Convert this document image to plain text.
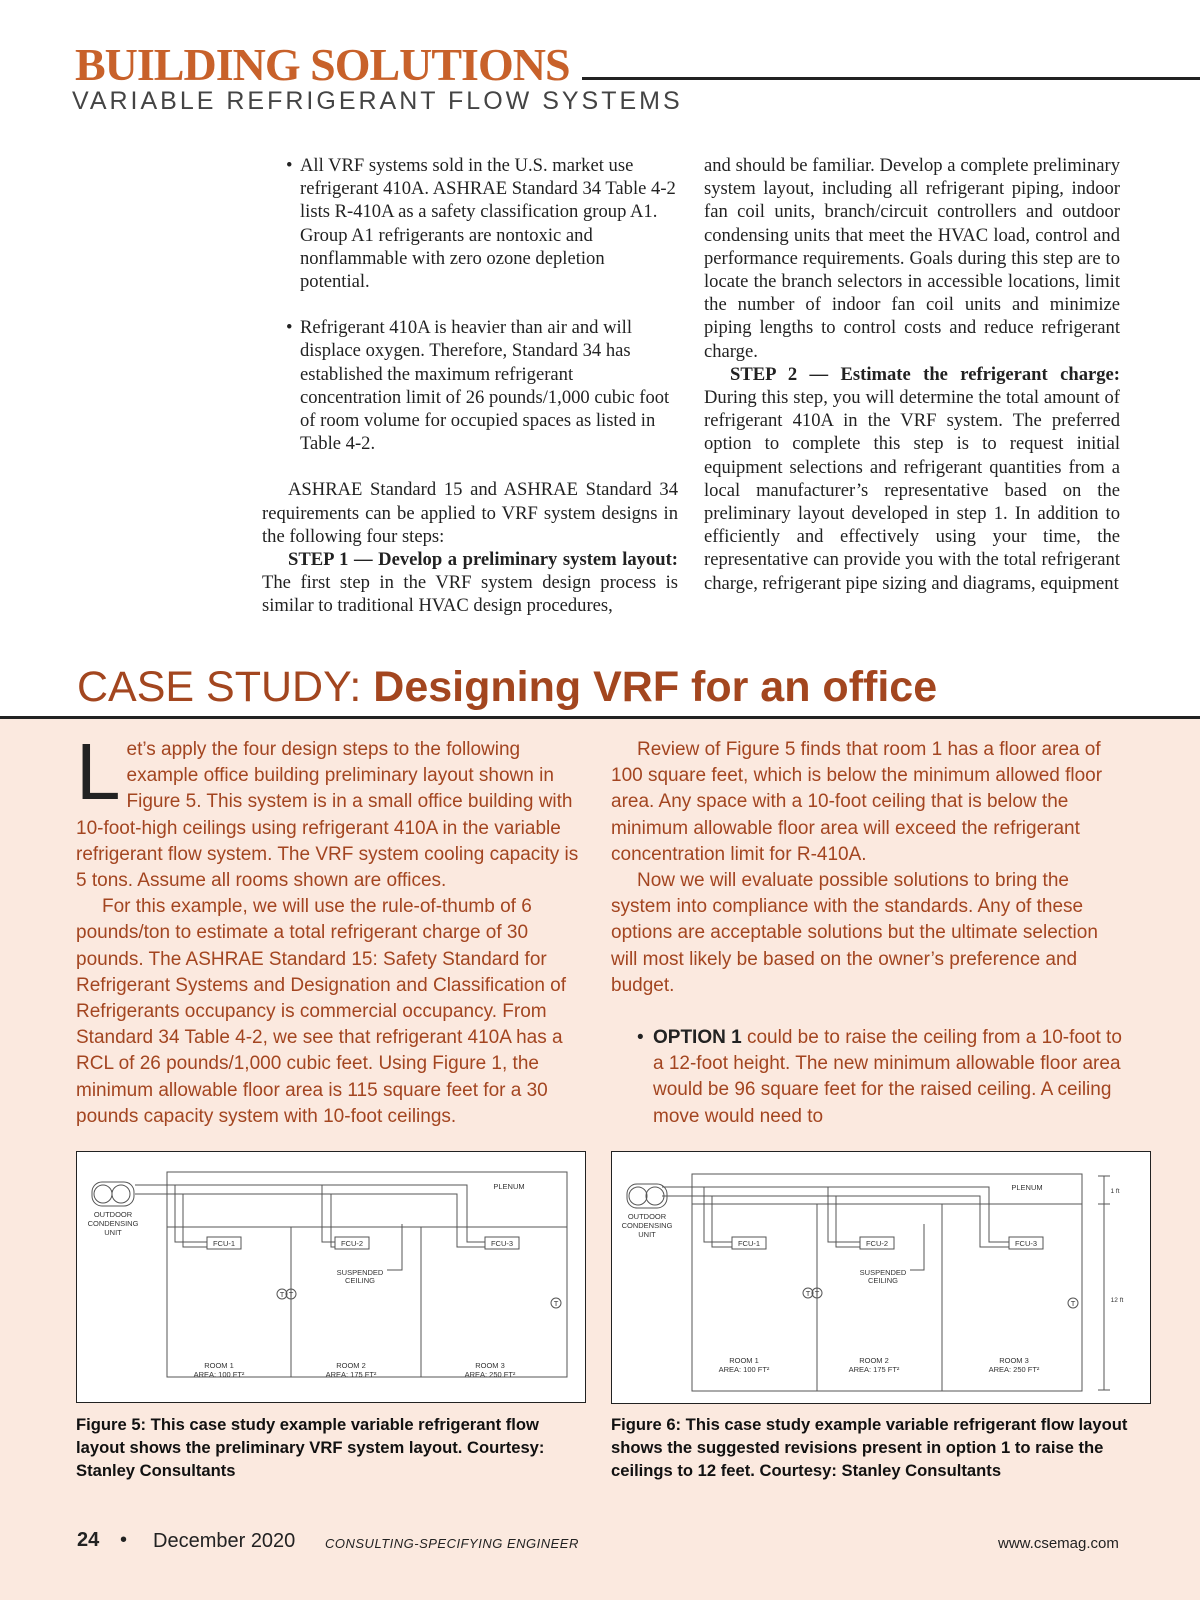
BUILDING SOLUTIONS
VARIABLE REFRIGERANT FLOW SYSTEMS
• All VRF systems sold in the U.S. market use refrigerant 410A. ASHRAE Standard 34 Table 4-2 lists R-410A as a safety classification group A1. Group A1 refrigerants are nontoxic and nonflammable with zero ozone depletion potential.
• Refrigerant 410A is heavier than air and will displace oxygen. Therefore, Standard 34 has established the maximum refrigerant concentration limit of 26 pounds/1,000 cubic foot of room volume for occupied spaces as listed in Table 4-2.
ASHRAE Standard 15 and ASHRAE Standard 34 requirements can be applied to VRF system designs in the following four steps:
STEP 1 — Develop a preliminary system layout: The first step in the VRF system design process is similar to traditional HVAC design procedures,
and should be familiar. Develop a complete preliminary system layout, including all refrigerant piping, indoor fan coil units, branch/circuit controllers and outdoor condensing units that meet the HVAC load, control and performance requirements. Goals during this step are to locate the branch selectors in accessible locations, limit the number of indoor fan coil units and minimize piping lengths to control costs and reduce refrigerant charge.
STEP 2 — Estimate the refrigerant charge: During this step, you will determine the total amount of refrigerant 410A in the VRF system. The preferred option to complete this step is to request initial equipment selections and refrigerant quantities from a local manufacturer’s representative based on the preliminary layout developed in step 1. In addition to efficiently and effectively using your time, the representative can provide you with the total refrigerant charge, refrigerant pipe sizing and diagrams, equipment
CASE STUDY: Designing VRF for an office
Let’s apply the four design steps to the following example office building preliminary layout shown in Figure 5. This system is in a small office building with 10-foot-high ceilings using refrigerant 410A in the variable refrigerant flow system. The VRF system cooling capacity is 5 tons. Assume all rooms shown are offices.
For this example, we will use the rule-of-thumb of 6 pounds/ton to estimate a total refrigerant charge of 30 pounds. The ASHRAE Standard 15: Safety Standard for Refrigerant Systems and Designation and Classification of Refrigerants occupancy is commercial occupancy. From Standard 34 Table 4-2, we see that refrigerant 410A has a RCL of 26 pounds/1,000 cubic feet. Using Figure 1, the minimum allowable floor area is 115 square feet for a 30 pounds capacity system with 10-foot ceilings.
Review of Figure 5 finds that room 1 has a floor area of 100 square feet, which is below the minimum allowed floor area. Any space with a 10-foot ceiling that is below the minimum allowable floor area will exceed the refrigerant concentration limit for R-410A.
Now we will evaluate possible solutions to bring the system into compliance with the standards. Any of these options are acceptable solutions but the ultimate selection will most likely be based on the owner’s preference and budget.
• OPTION 1 could be to raise the ceiling from a 10-foot to a 12-foot height. The new minimum allowable floor area would be 96 square feet for the raised ceiling. A ceiling move would need to
OUTDOOR
CONDENSING
UNIT
PLENUM
FCU-1	FCU-2	FCU-3
SUSPENDED
CEILING
T T
T
ROOM 1
AREA: 100 FT²
ROOM 2
AREA: 175 FT²
ROOM 3
AREA: 250 FT²
Figure 5: This case study example variable refrigerant flow layout shows the preliminary VRF system layout. Courtesy: Stanley Consultants
OUTDOOR
CONDENSING
UNIT
PLENUM
FCU-1	FCU-2	FCU-3
SUSPENDED
CEILING
T T
T
1 ft
12 ft
ROOM 1
AREA: 100 FT²
ROOM 2
AREA: 175 FT²
ROOM 3
AREA: 250 FT²
Figure 6: This case study example variable refrigerant flow layout shows the suggested revisions present in option 1 to raise the ceilings to 12 feet. Courtesy: Stanley Consultants
24 • December 2020 CONSULTING-SPECIFYING ENGINEER	www.csemag.com
